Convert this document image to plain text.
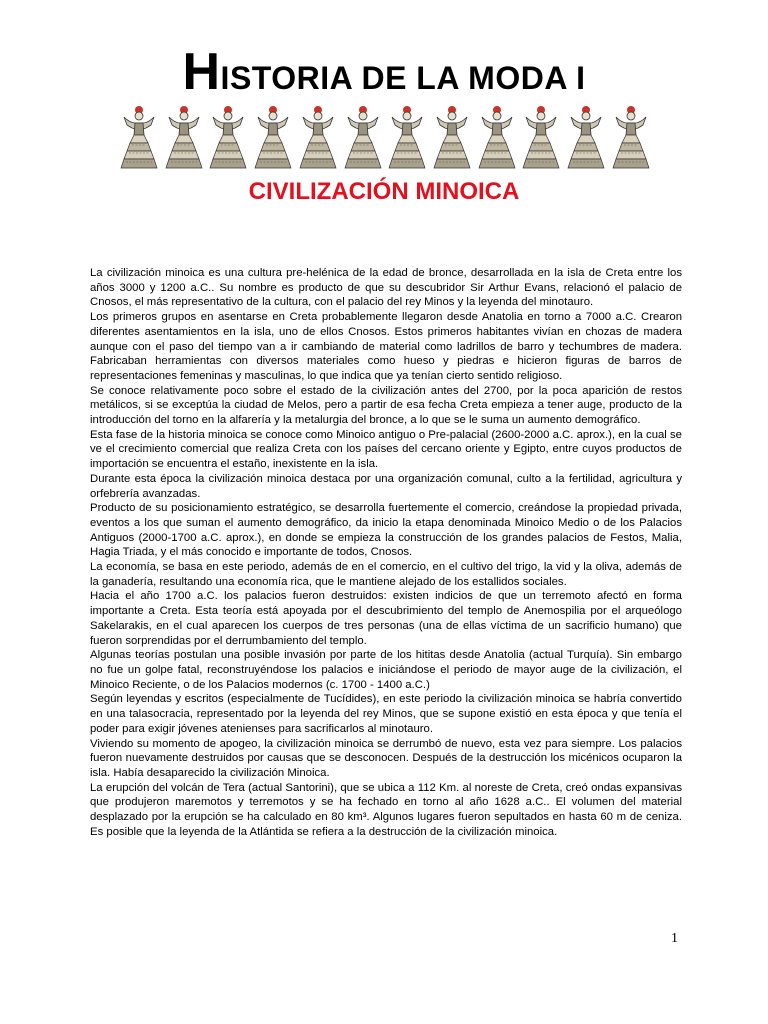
HISTORIA DE LA MODA I
CIVILIZACIÓN MINOICA

La civilización minoica es una cultura pre-helénica de la edad de bronce, desarrollada en la isla de Creta entre los años 3000 y 1200 a.C.. Su nombre es producto de que su descubridor Sir Arthur Evans, relacionó el palacio de Cnosos, el más representativo de la cultura, con el palacio del rey Minos y la leyenda del minotauro.

Los primeros grupos en asentarse en Creta probablemente llegaron desde Anatolia en torno a 7000 a.C. Crearon diferentes asentamientos en la isla, uno de ellos Cnosos. Estos primeros habitantes vivían en chozas de madera aunque con el paso del tiempo van a ir cambiando de material como ladrillos de barro y techumbres de madera. Fabricaban herramientas con diversos materiales como hueso y piedras e hicieron figuras de barros de representaciones femeninas y masculinas, lo que indica que ya tenían cierto sentido religioso.

Se conoce relativamente poco sobre el estado de la civilización antes del 2700, por la poca aparición de restos metálicos, si se exceptúa la ciudad de Melos, pero a partir de esa fecha Creta empieza a tener auge, producto de la introducción del torno en la alfarería y la metalurgia del bronce, a lo que se le suma un aumento demográfico.

Esta fase de la historia minoica se conoce como Minoico antiguo o Pre-palacial (2600-2000 a.C. aprox.), en la cual se ve el crecimiento comercial que realiza Creta con los países del cercano oriente y Egipto, entre cuyos productos de importación se encuentra el estaño, inexistente en la isla.

Durante esta época la civilización minoica destaca por una organización comunal, culto a la fertilidad, agricultura y orfebrería avanzadas.

Producto de su posicionamiento estratégico, se desarrolla fuertemente el comercio, creándose la propiedad privada, eventos a los que suman el aumento demográfico, da inicio la etapa denominada Minoico Medio o de los Palacios Antiguos (2000-1700 a.C. aprox.), en donde se empieza la construcción de los grandes palacios de Festos, Malia, Hagia Triada, y el más conocido e importante de todos, Cnosos.

La economía, se basa en este periodo, además de en el comercio, en el cultivo del trigo, la vid y la oliva, además de la ganadería, resultando una economía rica, que le mantiene alejado de los estallidos sociales.

Hacia el año 1700 a.C. los palacios fueron destruidos: existen indicios de que un terremoto afectó en forma importante a Creta. Esta teoría está apoyada por el descubrimiento del templo de Anemospilia por el arqueólogo Sakelarakis, en el cual aparecen los cuerpos de tres personas (una de ellas víctima de un sacrificio humano) que fueron sorprendidas por el derrumbamiento del templo.

Algunas teorías postulan una posible invasión por parte de los hititas desde Anatolia (actual Turquía). Sin embargo no fue un golpe fatal, reconstruyéndose los palacios e iniciándose el periodo de mayor auge de la civilización, el Minoico Reciente, o de los Palacios modernos (c. 1700 - 1400 a.C.)

Según leyendas y escritos (especialmente de Tucídides), en este periodo la civilización minoica se habría convertido en una talasocracia, representado por la leyenda del rey Minos, que se supone existió en esta época y que tenía el poder para exigir jóvenes atenienses para sacrificarlos al minotauro.

Viviendo su momento de apogeo, la civilización minoica se derrumbó de nuevo, esta vez para siempre. Los palacios fueron nuevamente destruidos por causas que se desconocen. Después de la destrucción los micénicos ocuparon la isla. Había desaparecido la civilización Minoica.

La erupción del volcán de Tera (actual Santorini), que se ubica a 112 Km. al noreste de Creta, creó ondas expansivas que produjeron maremotos y terremotos y se ha fechado en torno al año 1628 a.C.. El volumen del material desplazado por la erupción se ha calculado en 80 km³. Algunos lugares fueron sepultados en hasta 60 m de ceniza. Es posible que la leyenda de la Atlántida se refiera a la destrucción de la civilización minoica.

1
